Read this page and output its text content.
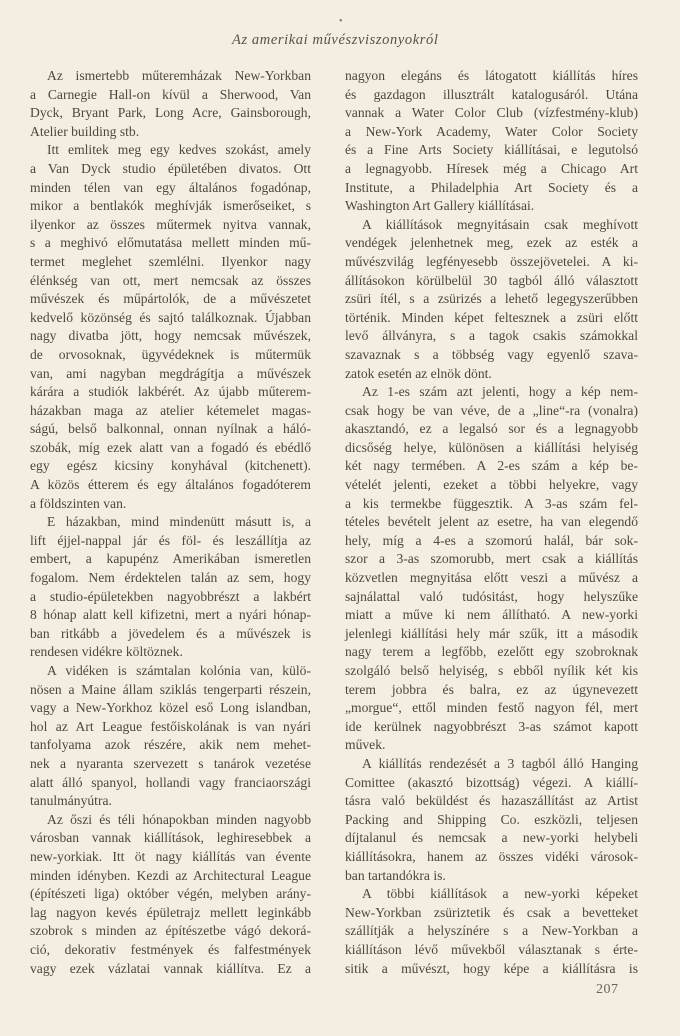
•
Az amerikai művészviszonyokról
Az ismertebb műteremházak New-Yorkban
a Carnegie Hall-on kívül a Sherwood, Van
Dyck, Bryant Park, Long Acre, Gainsborough,
Atelier building stb.
Itt emlitek meg egy kedves szokást, amely
a Van Dyck studio épületében divatos. Ott
minden télen van egy általános fogadónap,
mikor a bentlakók meghívják ismerőseiket, s
ilyenkor az összes műtermek nyitva vannak,
s a meghivó előmutatása mellett minden mű-
termet meglehet szemlélni. Ilyenkor nagy
élénkség van ott, mert nemcsak az összes
művészek és műpártolók, de a művészetet
kedvelő közönség és sajtó találkoznak. Újabban
nagy divatba jött, hogy nemcsak művészek,
de orvosoknak, ügyvédeknek is műtermük
van, ami nagyban megdrágítja a művészek
kárára a studiók lakbérét. Az újabb műterem-
házakban maga az atelier kétemelet magas-
ságú, belső balkonnal, onnan nyílnak a háló-
szobák, míg ezek alatt van a fogadó és ebédlő
egy egész kicsiny konyhával (kitchenett).
A közös étterem és egy általános fogadóterem
a földszinten van.
E házakban, mind mindenütt másutt is, a
lift éjjel-nappal jár és föl- és leszállítja az
embert, a kapupénz Amerikában ismeretlen
fogalom. Nem érdektelen talán az sem, hogy
a studio-épületekben nagyobbrészt a lakbért
8 hónap alatt kell kifizetni, mert a nyári hónap-
ban ritkább a jövedelem és a művészek is
rendesen vidékre költöznek.
A vidéken is számtalan kolónia van, külö-
nösen a Maine állam sziklás tengerparti részein,
vagy a New-Yorkhoz közel eső Long islandban,
hol az Art League festőiskolának is van nyári
tanfolyama azok részére, akik nem mehet-
nek a nyaranta szervezett s tanárok vezetése
alatt álló spanyol, hollandi vagy franciaországi
tanulmányútra.
Az őszi és téli hónapokban minden nagyobb
városban vannak kiállítások, leghiresebbek a
new-yorkiak. Itt öt nagy kiállítás van évente
minden idényben. Kezdi az Architectural League
(építészeti liga) október végén, melyben arány-
lag nagyon kevés épületrajz mellett leginkább
szobrok s minden az építészetbe vágó dekorá-
ció, dekorativ festmények és falfestmények
vagy ezek vázlatai vannak kiállítva. Ez a
nagyon elegáns és látogatott kiállítás híres
és gazdagon illusztrált katalogusáról. Utána
vannak a Water Color Club (vízfestmény-klub)
a New-York Academy, Water Color Society
és a Fine Arts Society kiállításai, e legutolsó
a legnagyobb. Híresek még a Chicago Art
Institute, a Philadelphia Art Society és a
Washington Art Gallery kiállításai.
A kiállítások megnyitásain csak meghívott
vendégek jelenhetnek meg, ezek az esték a
művészvilág legfényesebb összejövetelei. A ki-
állításokon körülbelül 30 tagból álló választott
zsüri ítél, s a zsürizés a lehető legegyszerűbben
történik. Minden képet feltesznek a zsüri előtt
levő állványra, s a tagok csakis számokkal
szavaznak s a többség vagy egyenlő szava-
zatok esetén az elnök dönt.
Az 1-es szám azt jelenti, hogy a kép nem-
csak hogy be van véve, de a „line“-ra (vonalra)
akasztandó, ez a legalsó sor és a legnagyobb
dicsőség helye, különösen a kiállítási helyiség
két nagy termében. A 2-es szám a kép be-
vételét jelenti, ezeket a többi helyekre, vagy
a kis termekbe függesztik. A 3-as szám fel-
tételes bevételt jelent az esetre, ha van elegendő
hely, míg a 4-es a szomorú halál, bár sok-
szor a 3-as szomorubb, mert csak a kiállítás
közvetlen megnyitása előtt veszi a művész a
sajnálattal való tudósitást, hogy helyszűke
miatt a műve ki nem állítható. A new-yorki
jelenlegi kiállítási hely már szűk, itt a második
nagy terem a legfőbb, ezelőtt egy szobroknak
szolgáló belső helyiség, s ebből nyílik két kis
terem jobbra és balra, ez az úgynevezett
„morgue“, ettől minden festő nagyon fél, mert
ide kerülnek nagyobbrészt 3-as számot kapott
művek.
A kiállítás rendezését a 3 tagból álló Hanging
Comittee (akasztó bizottság) végezi. A kiállí-
tásra való beküldést és hazaszállítást az Artist
Packing and Shipping Co. eszközli, teljesen
díjtalanul és nemcsak a new-yorki helybeli
kiállításokra, hanem az összes vidéki városok-
ban tartandókra is.
A többi kiállítások a new-yorki képeket
New-Yorkban zsüriztetik és csak a bevetteket
szállítják a helyszínére s a New-Yorkban a
kiállításon lévő művekből választanak s érte-
sitik a művészt, hogy képe a kiállításra is
207
